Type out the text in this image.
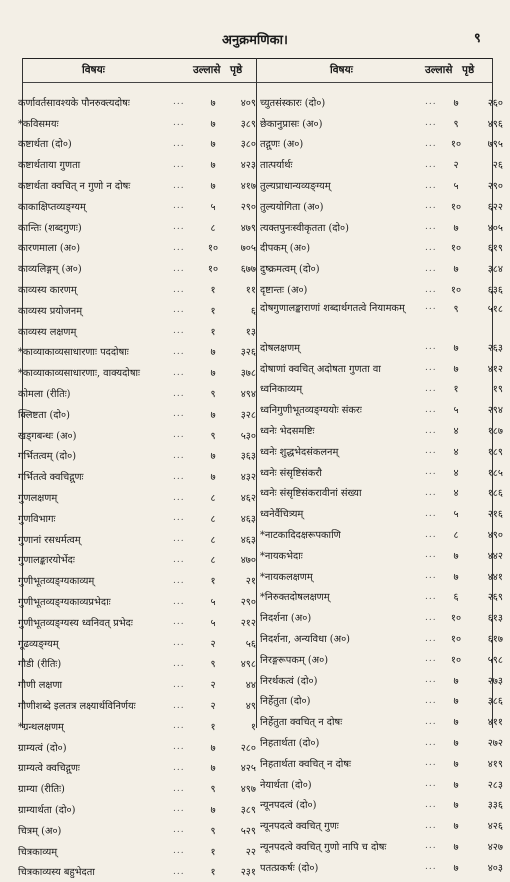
अनुक्रमणिका।	९
विषयः	उल्लासे पृष्ठे	विषयः	उल्लासे पृष्ठे
कर्णावर्तसावश्यके पौनरुक्त्यदोषः	...	७	४०९
*कविसमयः	...	७	३८९
कष्टार्थता (दो०)	...	७	३८०
कष्टार्थताया गुणता	...	७	४२३
कष्टार्थता क्वचित् न गुणो न दोषः	...	७	४१७
काकाक्षिप्तव्यङ्ग्यम्	...	५	२९०
कान्तिः (शब्दगुणः)	...	८	४७९
कारणमाला (अ०)	...	१०	७०५
काव्यलिङ्गम् (अ०)	...	१०	६७७
काव्यस्य कारणम्	...	१	११
काव्यस्य प्रयोजनम्	...	१	६
काव्यस्य लक्षणम्	...	१	१३
*काव्याकाव्यसाधारणाः पददोषाः	...	७	३२६
*काव्याकाव्यसाधारणाः, वाक्यदोषाः	...	७	३७८
कोमला (रीतिः)	...	९	४९४
क्लिष्टता (दो०)	...	७	३२८
खड्गबन्धः (अ०)	...	९	५३०
गर्भितत्वम् (दो०)	...	७	३६३
गर्भितत्वे क्वचिद्गुणः	...	७	४३२
गुणलक्षणम्	...	८	४६२
गुणविभागः	...	८	४६३
गुणानां रसधर्मत्वम्	...	८	४६३
गुणालङ्कारयोर्भेदः	...	८	४७०
गुणीभूतव्यङ्ग्यकाव्यम्	...	१	२१
गुणीभूतव्यङ्ग्यकाव्यप्रभेदाः	...	५	२९०
गुणीभूतव्यङ्ग्यस्य ध्वनिवत् प्रभेदः	...	५	२१२
गूढव्यङ्ग्यम्	...	२	५६
गौडी (रीतिः)	...	९	४९८
गौणी लक्षणा	...	२	४४
गौणीशब्दे इलतत्र लक्ष्यार्थविनिर्णयः	...	२	४९
*ग्रन्थलक्षणम्	...	१	१
ग्राम्यत्वं (दो०)	...	७	२८०
ग्राम्यत्वे क्वचिद्गुणः	...	७	४२५
ग्राम्या (रीतिः)	...	९	४९७
ग्राम्यार्थता (दो०)	...	७	३८९
चित्रम् (अ०)	...	९	५२९
चित्रकाव्यम्	...	१	२२
चित्रकाव्यस्य बहुभेदता	...	१	२३१
च्युतसंस्कारः (दो०)	...	७	२६०
छेकानुप्रासः (अ०)	...	९	४९६
तद्गुणः (अ०)	...	१०	७९५
तात्पर्यार्थः	...	२	२६
तुल्यप्राधान्यव्यङ्ग्यम्	...	५	२९०
तुल्ययोगिता (अ०)	...	१०	६२२
त्यक्तपुनःस्वीकृतता (दो०)	...	७	४०५
दीपकम् (अ०)	...	१०	६१९
दुष्क्रमत्वम् (दो०)	...	७	३८४
दृष्टान्तः (अ०)	...	१०	६३६
दोषगुणालङ्काराणां शब्दार्थगतत्वे नियामकम्	...	९	५१८
दोषलक्षणम्	...	७	२६३
दोषाणां क्वचित् अदोषता गुणता वा	...	७	४१२
ध्वनिकाव्यम्	...	१	१९
ध्वनिगुणीभूतव्यङ्ग्ययोः संकरः	...	५	२९४
ध्वनेः भेदसमष्टिः	...	४	१८७
ध्वनेः शुद्धभेदसंकलनम्	...	४	१८९
ध्वनेः संसृष्टिसंकरौ	...	४	१८५
ध्वनेः संसृष्टिसंकरावीनां संख्या	...	४	१८६
ध्वनेर्वैचित्र्यम्	...	५	२१६
*नाटकादिदक्षरूपकाणि	...	८	४९०
*नायकभेदाः	...	७	४४२
*नायकलक्षणम्	...	७	४४१
*निरुक्तदोषलक्षणम्	...	६	२६९
निदर्शना (अ०)	...	१०	६१३
निदर्शना, अन्यविधा (अ०)	...	१०	६१७
निरङ्गरूपकम् (अ०)	...	१०	५९८
निरर्थकत्वं (दो०)	...	७	२७३
निर्हेतुता (दो०)	...	७	३८६
निर्हेतुता क्वचित् न दोषः	...	७	४११
निहतार्थता (दो०)	...	७	२७२
निहतार्थता क्वचित् न दोषः	...	७	४१९
नेयार्थता (दो०)	...	७	२८३
न्यूनपदत्वं (दो०)	...	७	३३६
न्यूनपदत्वे क्वचित् गुणः	...	७	४२६
न्यूनपदत्वे क्वचित् गुणो नापि च दोषः	...	७	४२७
पतत्प्रकर्षः (दो०)	...	७	४०३
